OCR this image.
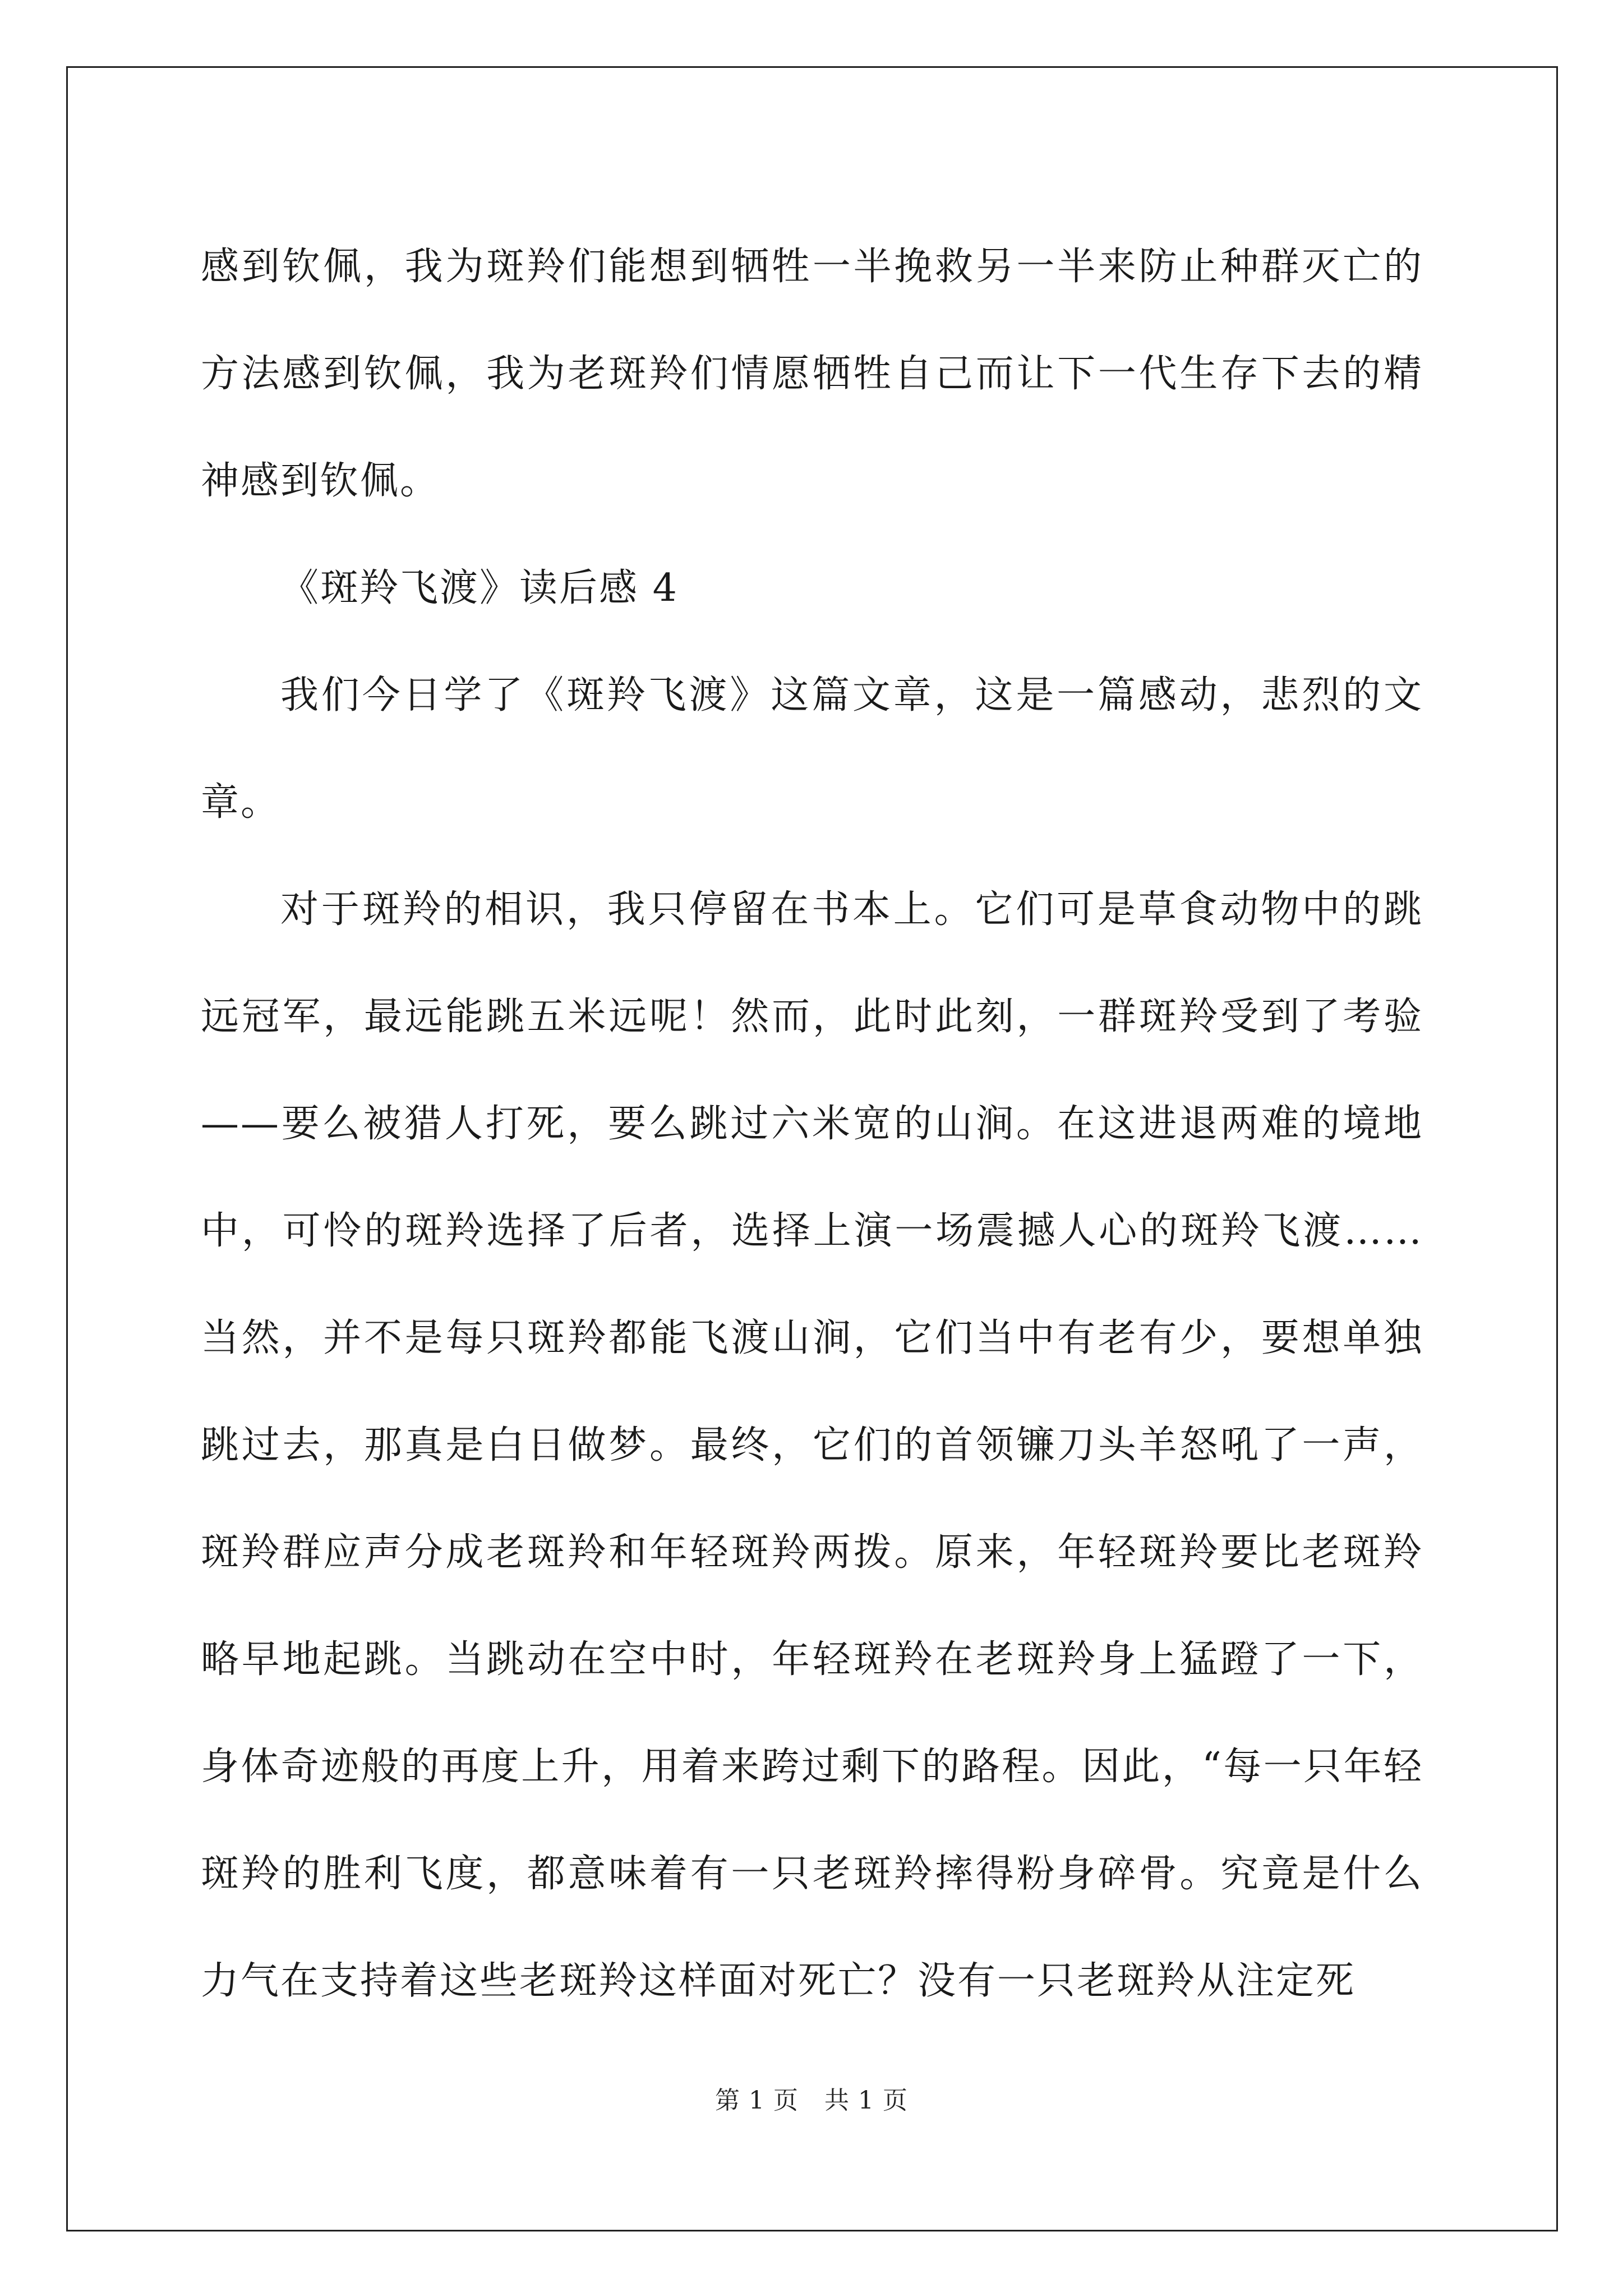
感到钦佩，我为斑羚们能想到牺牲一半挽救另一半来防止种群灭亡的方法感到钦佩，我为老斑羚们情愿牺牲自己而让下一代生存下去的精神感到钦佩。

《斑羚飞渡》读后感 4

我们今日学了《斑羚飞渡》这篇文章，这是一篇感动，悲烈的文章。

对于斑羚的相识，我只停留在书本上。它们可是草食动物中的跳远冠军，最远能跳五米远呢！然而，此时此刻，一群斑羚受到了考验——要么被猎人打死，要么跳过六米宽的山涧。在这进退两难的境地中，可怜的斑羚选择了后者，选择上演一场震撼人心的斑羚飞渡……当然，并不是每只斑羚都能飞渡山涧，它们当中有老有少，要想单独跳过去，那真是白日做梦。最终，它们的首领镰刀头羊怒吼了一声，斑羚群应声分成老斑羚和年轻斑羚两拨。原来，年轻斑羚要比老斑羚略早地起跳。当跳动在空中时，年轻斑羚在老斑羚身上猛蹬了一下，身体奇迹般的再度上升，用着来跨过剩下的路程。因此，“每一只年轻斑羚的胜利飞度，都意味着有一只老斑羚摔得粉身碎骨。究竟是什么力气在支持着这些老斑羚这样面对死亡？没有一只老斑羚从注定死

第 1 页 共 1 页
